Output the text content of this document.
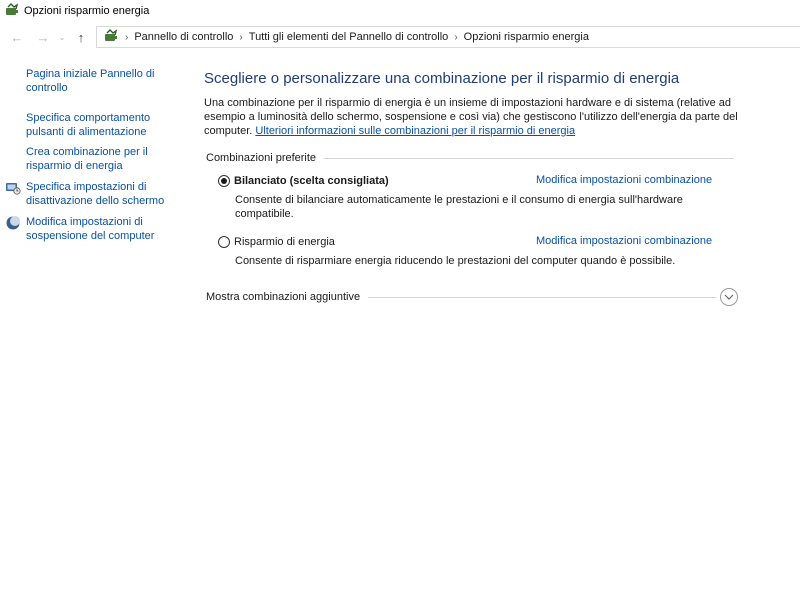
Opzioni risparmio energia
← →	⌄ ↑	› Pannello di controllo › Tutti gli elementi del Pannello di controllo › Opzioni risparmio energia
Pagina iniziale Pannello di
controllo
Specifica comportamento
pulsanti di alimentazione
Crea combinazione per il
risparmio di energia
Specifica impostazioni di
disattivazione dello schermo
Modifica impostazioni di
sospensione del computer
Scegliere o personalizzare una combinazione per il risparmio di energia
Una combinazione per il risparmio di energia è un insieme di impostazioni hardware e di sistema (relative ad
esempio a luminosità dello schermo, sospensione e così via) che gestiscono l'utilizzo dell'energia da parte del
computer. Ulteriori informazioni sulle combinazioni per il risparmio di energia
Combinazioni preferite
Bilanciato (scelta consigliata)	Modifica impostazioni combinazione
Consente di bilanciare automaticamente le prestazioni e il consumo di energia sull'hardware
compatibile.
Risparmio di energia	Modifica impostazioni combinazione
Consente di risparmiare energia riducendo le prestazioni del computer quando è possibile.
Mostra combinazioni aggiuntive
